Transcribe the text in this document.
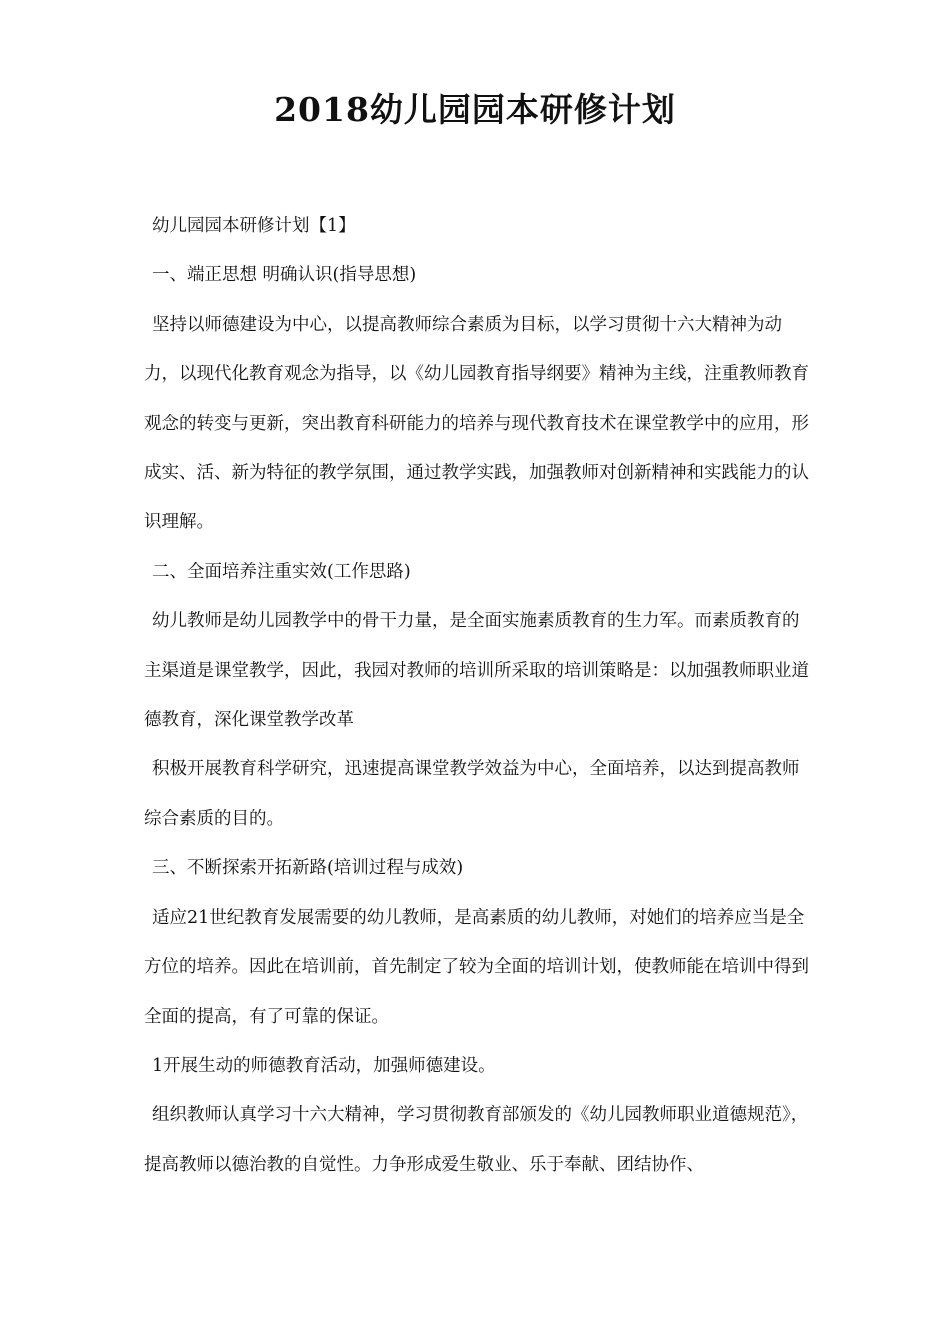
2018幼儿园园本研修计划

幼儿园园本研修计划【1】

一、端正思想 明确认识(指导思想)

坚持以师德建设为中心，以提高教师综合素质为目标，以学习贯彻十六大精神为动力，以现代化教育观念为指导，以《幼儿园教育指导纲要》精神为主线，注重教师教育观念的转变与更新，突出教育科研能力的培养与现代教育技术在课堂教学中的应用，形成实、活、新为特征的教学氛围，通过教学实践，加强教师对创新精神和实践能力的认识理解。

二、全面培养注重实效(工作思路)

幼儿教师是幼儿园教学中的骨干力量，是全面实施素质教育的生力军。而素质教育的主渠道是课堂教学，因此，我园对教师的培训所采取的培训策略是：以加强教师职业道德教育，深化课堂教学改革

积极开展教育科学研究，迅速提高课堂教学效益为中心，全面培养，以达到提高教师综合素质的目的。

三、不断探索开拓新路(培训过程与成效)

适应21世纪教育发展需要的幼儿教师，是高素质的幼儿教师，对她们的培养应当是全方位的培养。因此在培训前，首先制定了较为全面的培训计划，使教师能在培训中得到全面的提高，有了可靠的保证。

1开展生动的师德教育活动，加强师德建设。

组织教师认真学习十六大精神，学习贯彻教育部颁发的《幼儿园教师职业道德规范》，提高教师以德治教的自觉性。力争形成爱生敬业、乐于奉献、团结协作、
